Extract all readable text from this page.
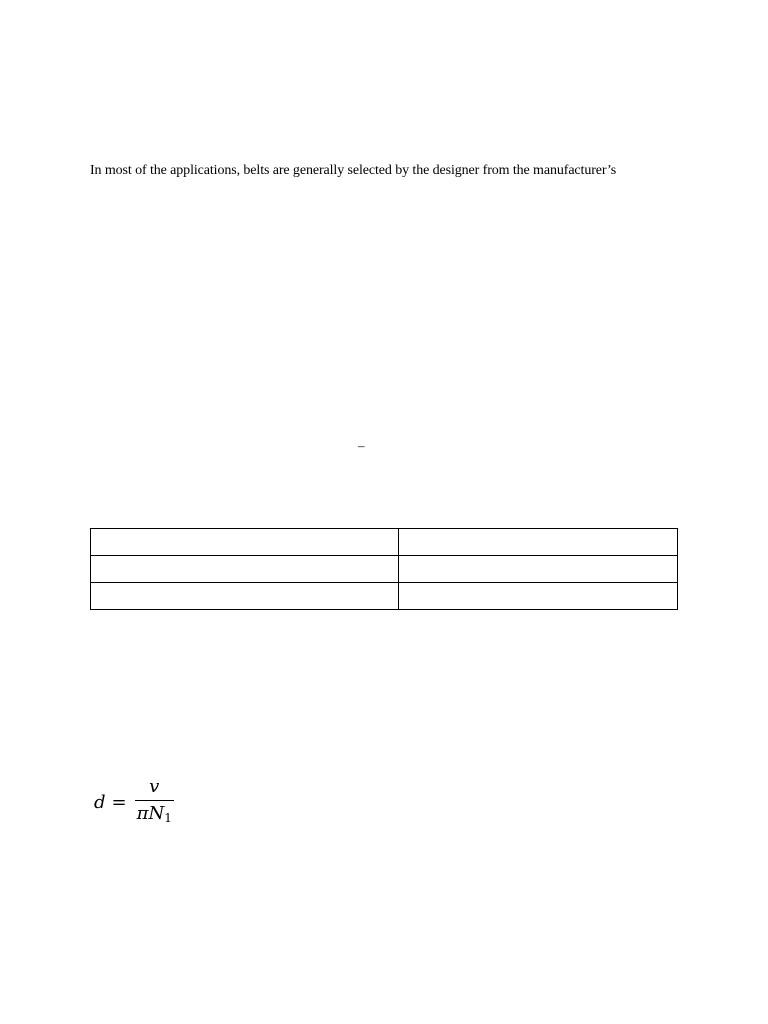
In most of the applications, belts are generally selected by the designer from the manufacturer’s
–

$d = \frac{v}{\pi N_1}$
